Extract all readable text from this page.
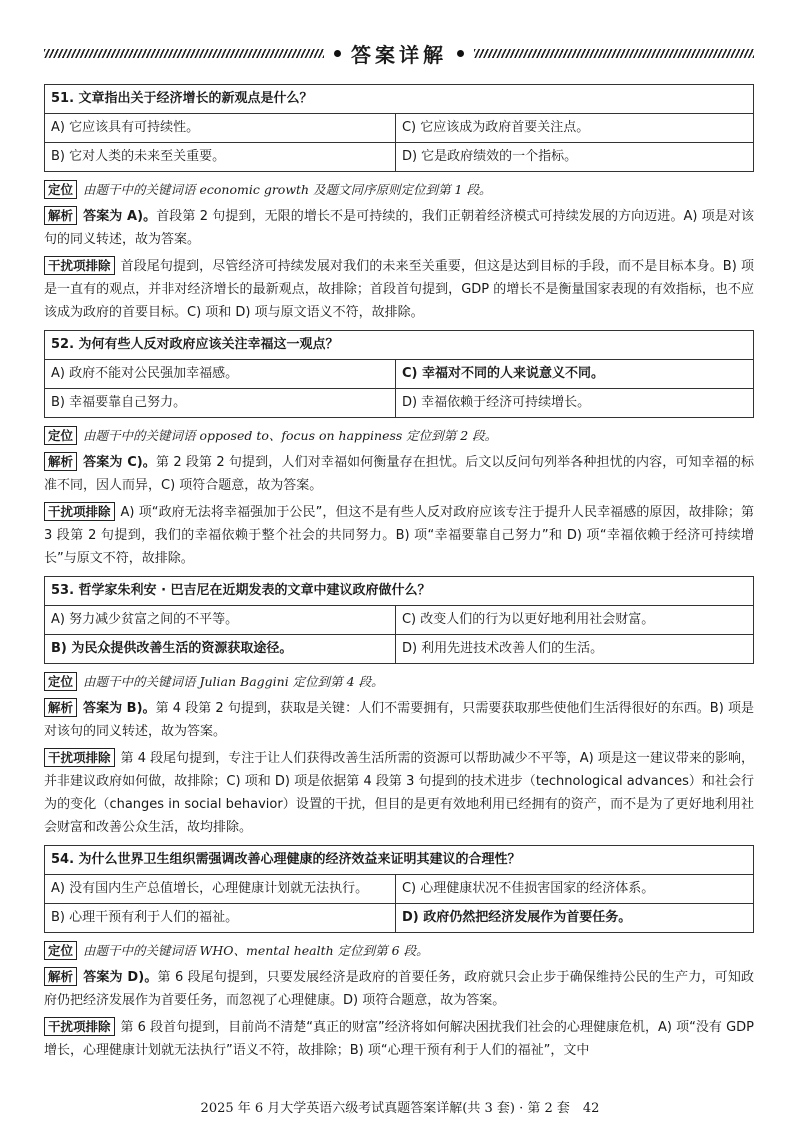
答案详解
51. 文章指出关于经济增长的新观点是什么？	
A) 它应该具有可持续性。	C) 它应该成为政府首要关注点。
B) 它对人类的未来至关重要。	D) 它是政府绩效的一个指标。

定位 由题干中的关键词语 economic growth 及题文同序原则定位到第 1 段。

解析 答案为 A)。首段第 2 句提到，无限的增长不是可持续的，我们正朝着经济模式可持续发展的方向迈进。A) 项是对该句的同义转述，故为答案。

干扰项排除 首段尾句提到，尽管经济可持续发展对我们的未来至关重要，但这是达到目标的手段，而不是目标本身。B) 项是一直有的观点，并非对经济增长的最新观点，故排除；首段首句提到，GDP 的增长不是衡量国家表现的有效指标，也不应该成为政府的首要目标。C) 项和 D) 项与原文语义不符，故排除。

52. 为何有些人反对政府应该关注幸福这一观点？	
A) 政府不能对公民强加幸福感。	C) 幸福对不同的人来说意义不同。
B) 幸福要靠自己努力。	D) 幸福依赖于经济可持续增长。

定位 由题干中的关键词语 opposed to、focus on happiness 定位到第 2 段。

解析 答案为 C)。第 2 段第 2 句提到，人们对幸福如何衡量存在担忧。后文以反问句列举各种担忧的内容，可知幸福的标准不同，因人而异，C) 项符合题意，故为答案。

干扰项排除 A) 项“政府无法将幸福强加于公民”，但这不是有些人反对政府应该专注于提升人民幸福感的原因，故排除；第 3 段第 2 句提到，我们的幸福依赖于整个社会的共同努力。B) 项“幸福要靠自己努力”和 D) 项“幸福依赖于经济可持续增长”与原文不符，故排除。

53. 哲学家朱利安 · 巴吉尼在近期发表的文章中建议政府做什么？	
A) 努力减少贫富之间的不平等。	C) 改变人们的行为以更好地利用社会财富。
B) 为民众提供改善生活的资源获取途径。	D) 利用先进技术改善人们的生活。

定位 由题干中的关键词语 Julian Baggini 定位到第 4 段。

解析 答案为 B)。第 4 段第 2 句提到，获取是关键：人们不需要拥有，只需要获取那些使他们生活得很好的东西。B) 项是对该句的同义转述，故为答案。

干扰项排除 第 4 段尾句提到，专注于让人们获得改善生活所需的资源可以帮助减少不平等，A) 项是这一建议带来的影响，并非建议政府如何做，故排除；C) 项和 D) 项是依据第 4 段第 3 句提到的技术进步（technological advances）和社会行为的变化（changes in social behavior）设置的干扰，但目的是更有效地利用已经拥有的资产，而不是为了更好地利用社会财富和改善公众生活，故均排除。

54. 为什么世界卫生组织需强调改善心理健康的经济效益来证明其建议的合理性？	
A) 没有国内生产总值增长，心理健康计划就无法执行。	C) 心理健康状况不佳损害国家的经济体系。
B) 心理干预有利于人们的福祉。	D) 政府仍然把经济发展作为首要任务。

定位 由题干中的关键词语 WHO、mental health 定位到第 6 段。

解析 答案为 D)。第 6 段尾句提到，只要发展经济是政府的首要任务，政府就只会止步于确保维持公民的生产力，可知政府仍把经济发展作为首要任务，而忽视了心理健康。D) 项符合题意，故为答案。

干扰项排除 第 6 段首句提到，目前尚不清楚“真正的财富”经济将如何解决困扰我们社会的心理健康危机，A) 项“没有 GDP 增长，心理健康计划就无法执行”语义不符，故排除；B) 项“心理干预有利于人们的福祉”，文中

2025 年 6 月大学英语六级考试真题答案详解(共 3 套) · 第 2 套　42
